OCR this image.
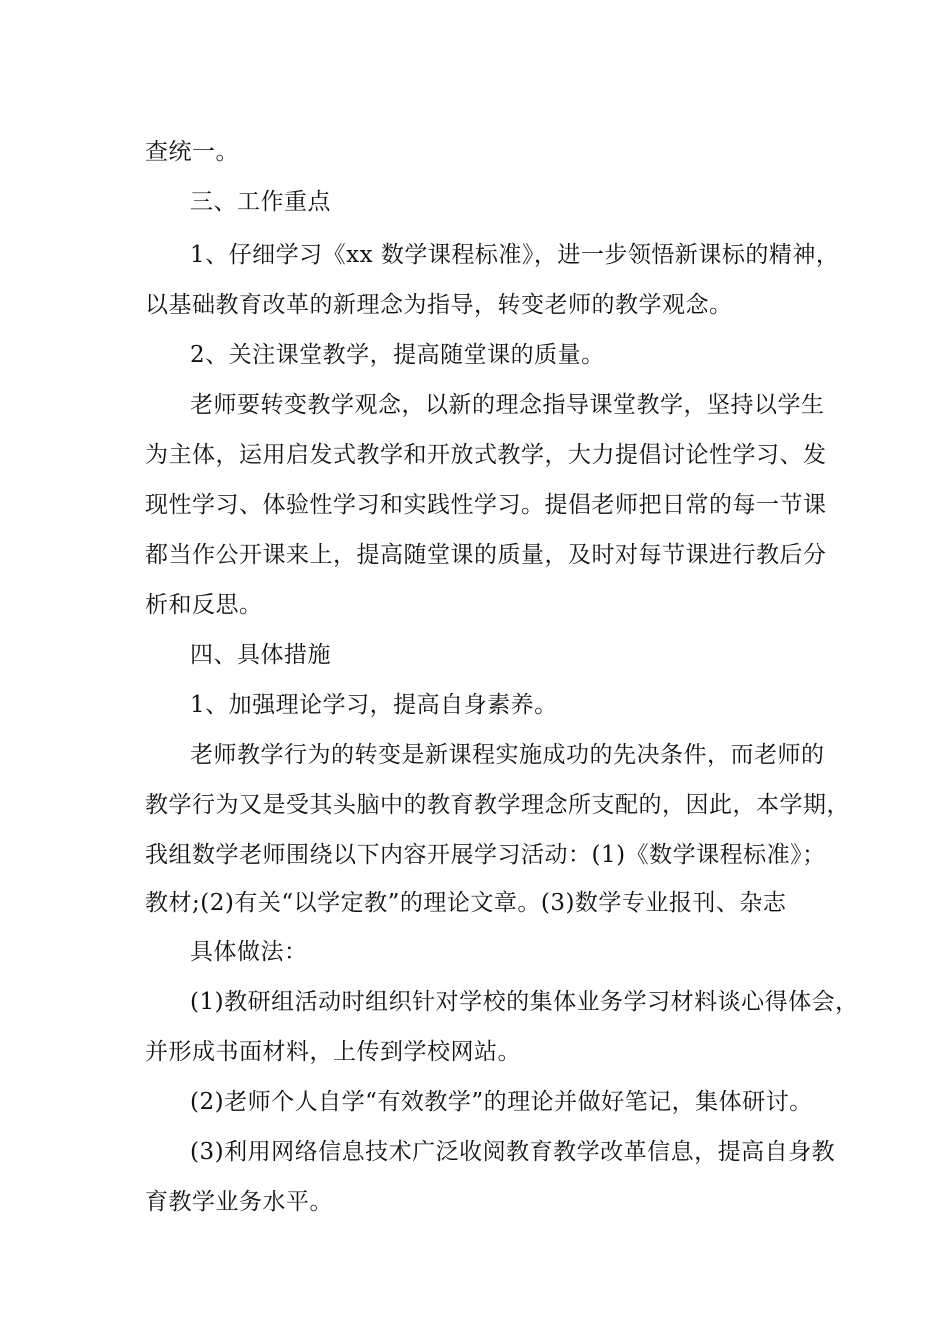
查统一。
三、工作重点
1、仔细学习《xx 数学课程标准》，进一步领悟新课标的精神，
以基础教育改革的新理念为指导，转变老师的教学观念。
2、关注课堂教学，提高随堂课的质量。
老师要转变教学观念，以新的理念指导课堂教学，坚持以学生
为主体，运用启发式教学和开放式教学，大力提倡讨论性学习、发
现性学习、体验性学习和实践性学习。提倡老师把日常的每一节课
都当作公开课来上，提高随堂课的质量，及时对每节课进行教后分
析和反思。
四、具体措施
1、加强理论学习，提高自身素养。
老师教学行为的转变是新课程实施成功的先决条件，而老师的
教学行为又是受其头脑中的教育教学理念所支配的，因此，本学期，
我组数学老师围绕以下内容开展学习活动：(1)《数学课程标准》；
教材;(2)有关“以学定教”的理论文章。(3)数学专业报刊、杂志
具体做法：
(1)教研组活动时组织针对学校的集体业务学习材料谈心得体会，
并形成书面材料，上传到学校网站。
(2)老师个人自学“有效教学”的理论并做好笔记，集体研讨。
(3)利用网络信息技术广泛收阅教育教学改革信息，提高自身教
育教学业务水平。
